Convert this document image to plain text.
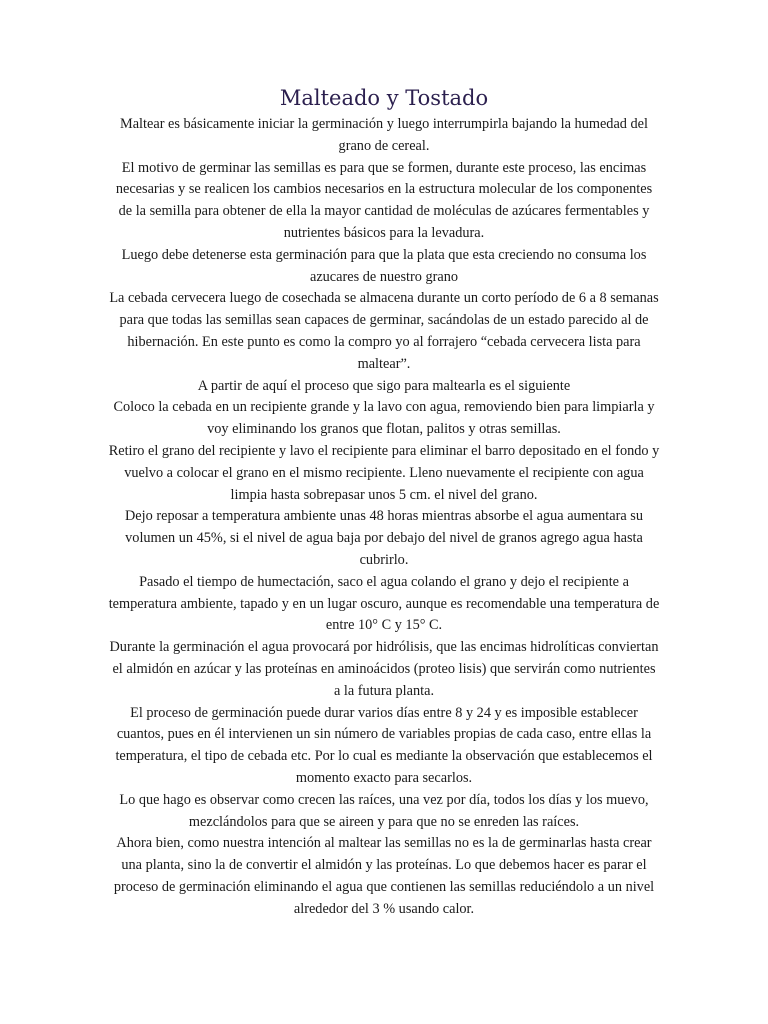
Malteado y Tostado

Maltear es básicamente iniciar la germinación y luego interrumpirla bajando la humedad del grano de cereal.

El motivo de germinar las semillas es para que se formen, durante este proceso, las encimas necesarias y se realicen los cambios necesarios en la estructura molecular de los componentes de la semilla para obtener de ella la mayor cantidad de moléculas de azúcares fermentables y nutrientes básicos para la levadura.

Luego debe detenerse esta germinación para que la plata que esta creciendo no consuma los azucares de nuestro grano

La cebada cervecera luego de cosechada se almacena durante un corto período de 6 a 8 semanas para que todas las semillas sean capaces de germinar, sacándolas de un estado parecido al de hibernación. En este punto es como la compro yo al forrajero “cebada cervecera lista para maltear”.

A partir de aquí el proceso que sigo para maltearla es el siguiente

Coloco la cebada en un recipiente grande y la lavo con agua, removiendo bien para limpiarla y voy eliminando los granos que flotan, palitos y otras semillas.

Retiro el grano del recipiente y lavo el recipiente para eliminar el barro depositado en el fondo y vuelvo a colocar el grano en el mismo recipiente. Lleno nuevamente el recipiente con agua limpia hasta sobrepasar unos 5 cm. el nivel del grano.

Dejo reposar a temperatura ambiente unas 48 horas mientras absorbe el agua aumentara su volumen un 45%, si el nivel de agua baja por debajo del nivel de granos agrego agua hasta cubrirlo.

Pasado el tiempo de humectación, saco el agua colando el grano y dejo el recipiente a temperatura ambiente, tapado y en un lugar oscuro, aunque es recomendable una temperatura de entre 10° C y 15° C.

Durante la germinación el agua provocará por hidrólisis, que las encimas hidrolíticas conviertan el almidón en azúcar y las proteínas en aminoácidos (proteo lisis) que servirán como nutrientes a la futura planta.

El proceso de germinación puede durar varios días entre 8 y 24 y es imposible establecer cuantos, pues en él intervienen un sin número de variables propias de cada caso, entre ellas la temperatura, el tipo de cebada etc. Por lo cual es mediante la observación que establecemos el momento exacto para secarlos.

Lo que hago es observar como crecen las raíces, una vez por día, todos los días y los muevo, mezclándolos para que se aireen y para que no se enreden las raíces.

Ahora bien, como nuestra intención al maltear las semillas no es la de germinarlas hasta crear una planta, sino la de convertir el almidón y las proteínas. Lo que debemos hacer es parar el proceso de germinación eliminando el agua que contienen las semillas reduciéndolo a un nivel alrededor del 3 % usando calor.
